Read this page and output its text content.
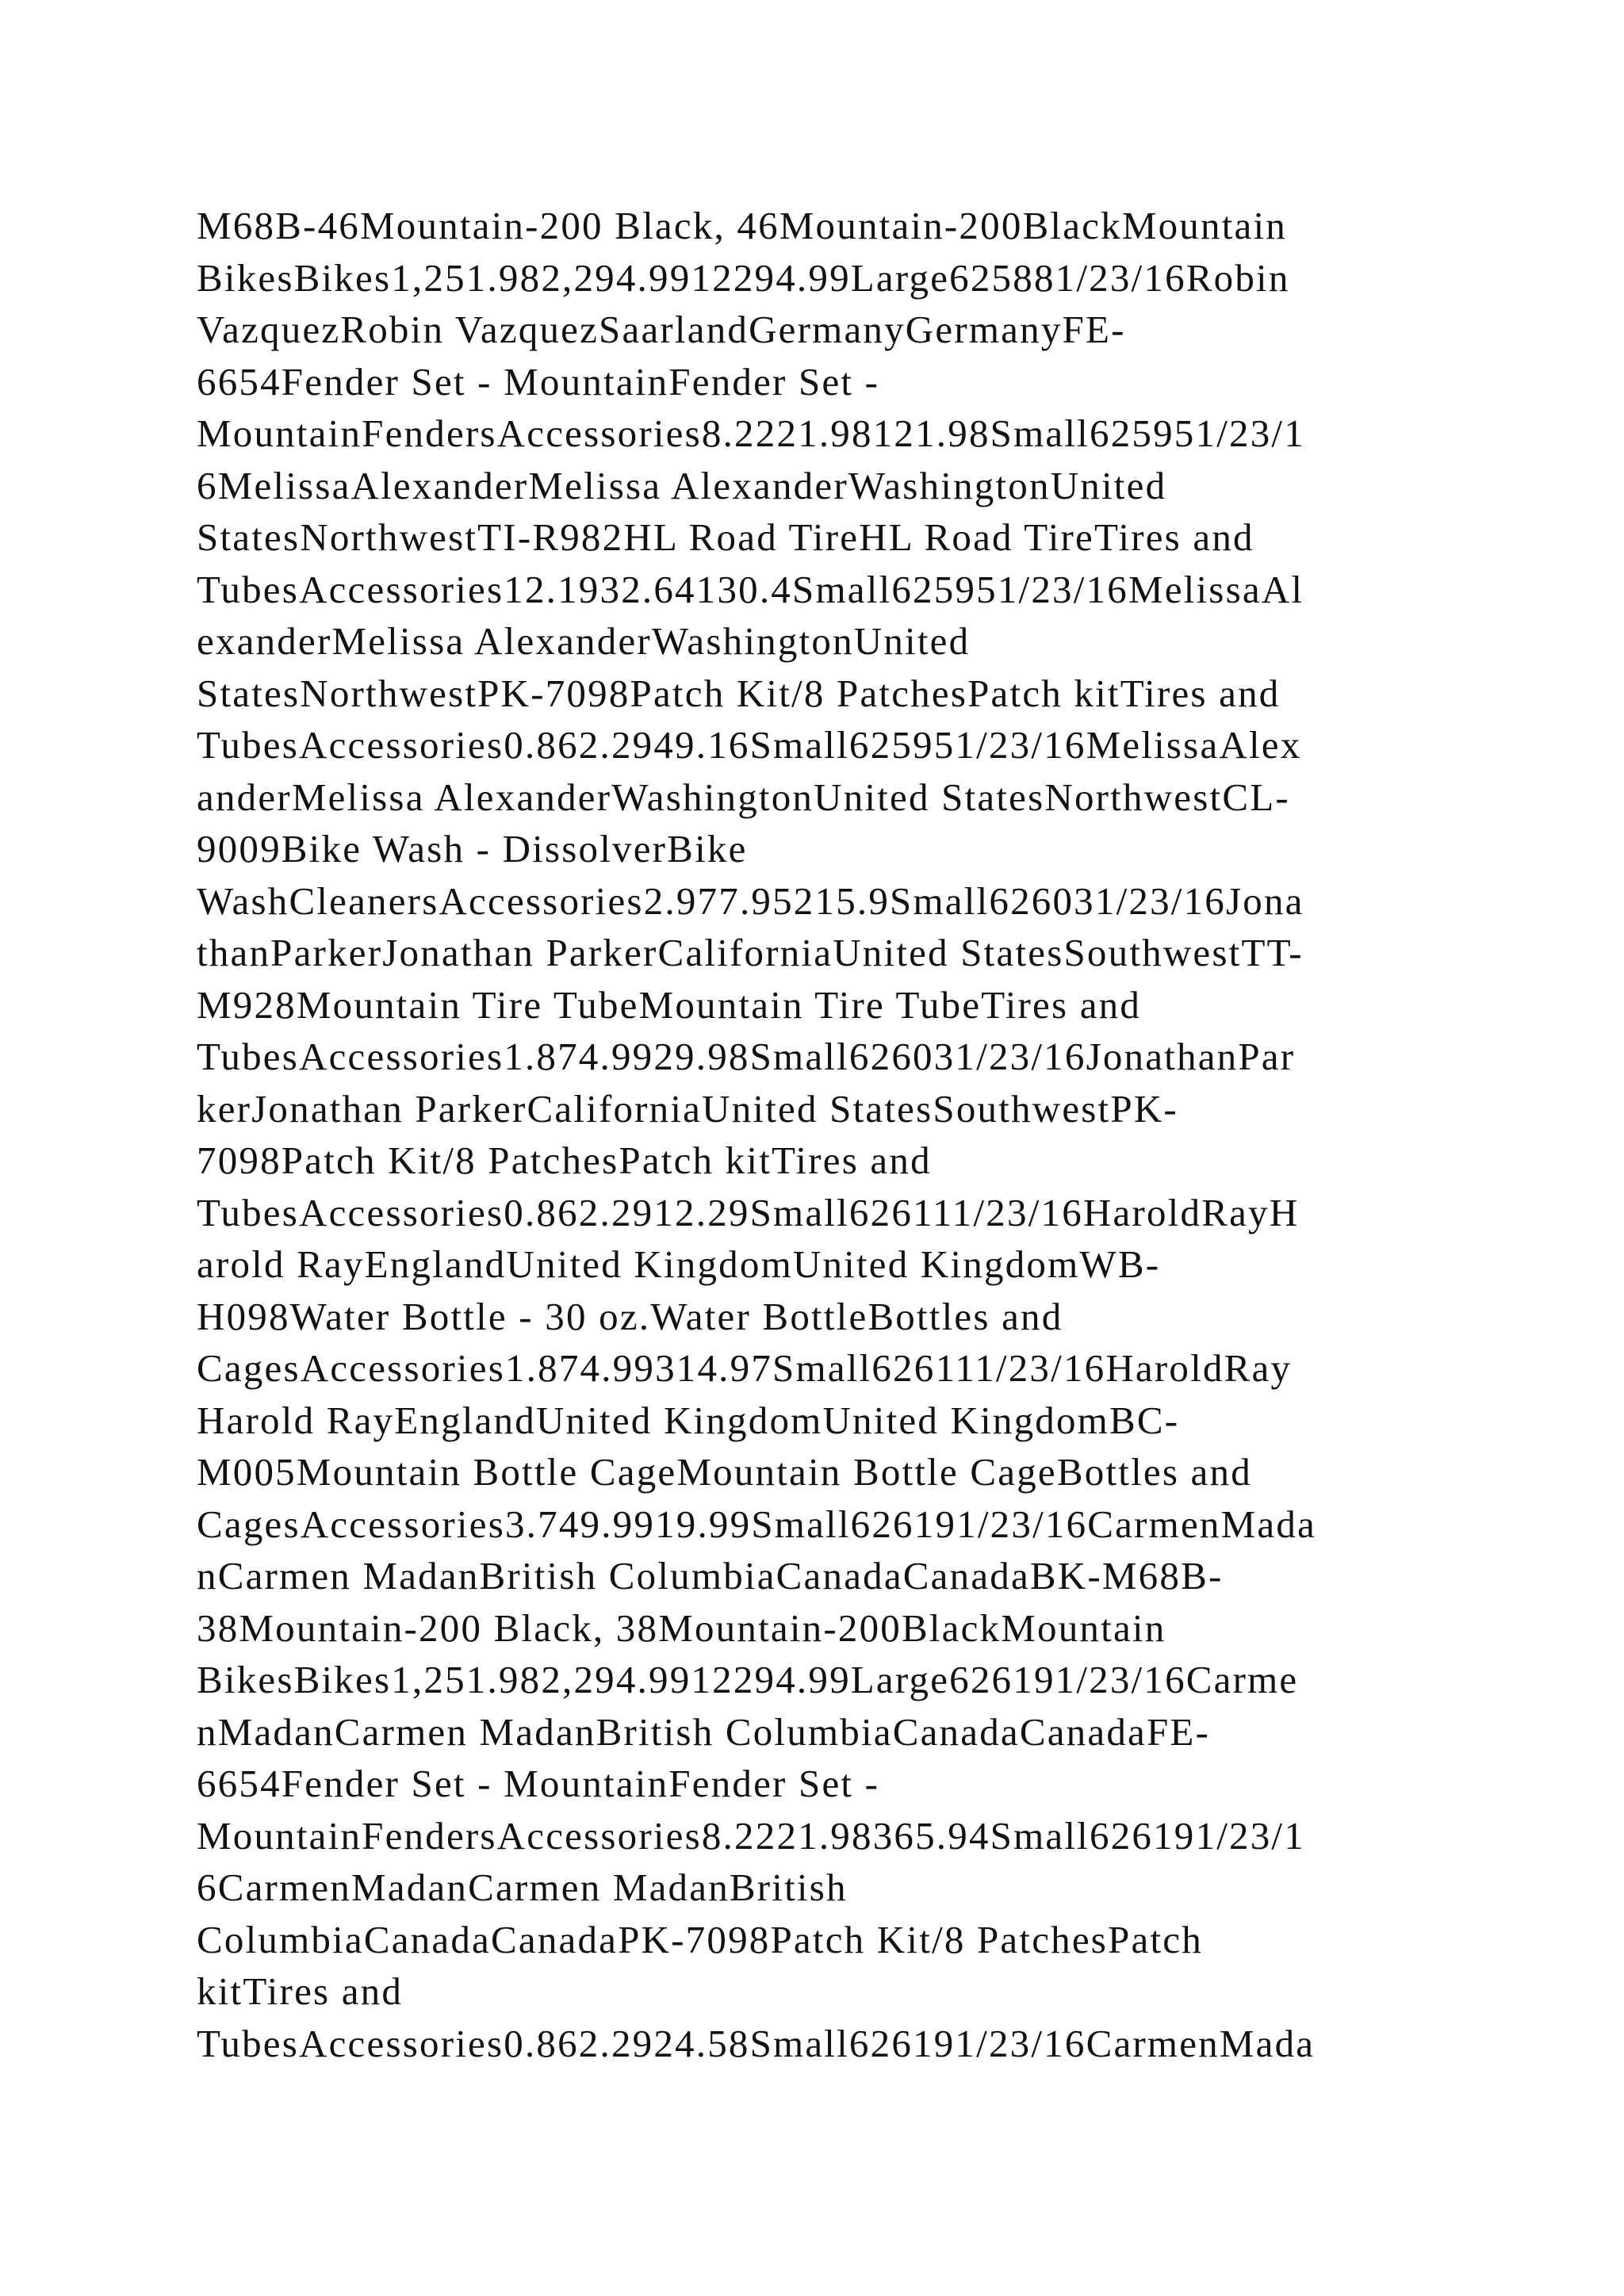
M68B-46Mountain-200 Black, 46Mountain-200BlackMountain
BikesBikes1,251.982,294.9912294.99Large625881/23/16Robin
VazquezRobin VazquezSaarlandGermanyGermanyFE-
6654Fender Set - MountainFender Set -
MountainFendersAccessories8.2221.98121.98Small625951/23/1
6MelissaAlexanderMelissa AlexanderWashingtonUnited
StatesNorthwestTI-R982HL Road TireHL Road TireTires and
TubesAccessories12.1932.64130.4Small625951/23/16MelissaAl
exanderMelissa AlexanderWashingtonUnited
StatesNorthwestPK-7098Patch Kit/8 PatchesPatch kitTires and
TubesAccessories0.862.2949.16Small625951/23/16MelissaAlex
anderMelissa AlexanderWashingtonUnited StatesNorthwestCL-
9009Bike Wash - DissolverBike
WashCleanersAccessories2.977.95215.9Small626031/23/16Jona
thanParkerJonathan ParkerCaliforniaUnited StatesSouthwestTT-
M928Mountain Tire TubeMountain Tire TubeTires and
TubesAccessories1.874.9929.98Small626031/23/16JonathanPar
kerJonathan ParkerCaliforniaUnited StatesSouthwestPK-
7098Patch Kit/8 PatchesPatch kitTires and
TubesAccessories0.862.2912.29Small626111/23/16HaroldRayH
arold RayEnglandUnited KingdomUnited KingdomWB-
H098Water Bottle - 30 oz.Water BottleBottles and
CagesAccessories1.874.99314.97Small626111/23/16HaroldRay
Harold RayEnglandUnited KingdomUnited KingdomBC-
M005Mountain Bottle CageMountain Bottle CageBottles and
CagesAccessories3.749.9919.99Small626191/23/16CarmenMada
nCarmen MadanBritish ColumbiaCanadaCanadaBK-M68B-
38Mountain-200 Black, 38Mountain-200BlackMountain
BikesBikes1,251.982,294.9912294.99Large626191/23/16Carme
nMadanCarmen MadanBritish ColumbiaCanadaCanadaFE-
6654Fender Set - MountainFender Set -
MountainFendersAccessories8.2221.98365.94Small626191/23/1
6CarmenMadanCarmen MadanBritish
ColumbiaCanadaCanadaPK-7098Patch Kit/8 PatchesPatch
kitTires and
TubesAccessories0.862.2924.58Small626191/23/16CarmenMada
